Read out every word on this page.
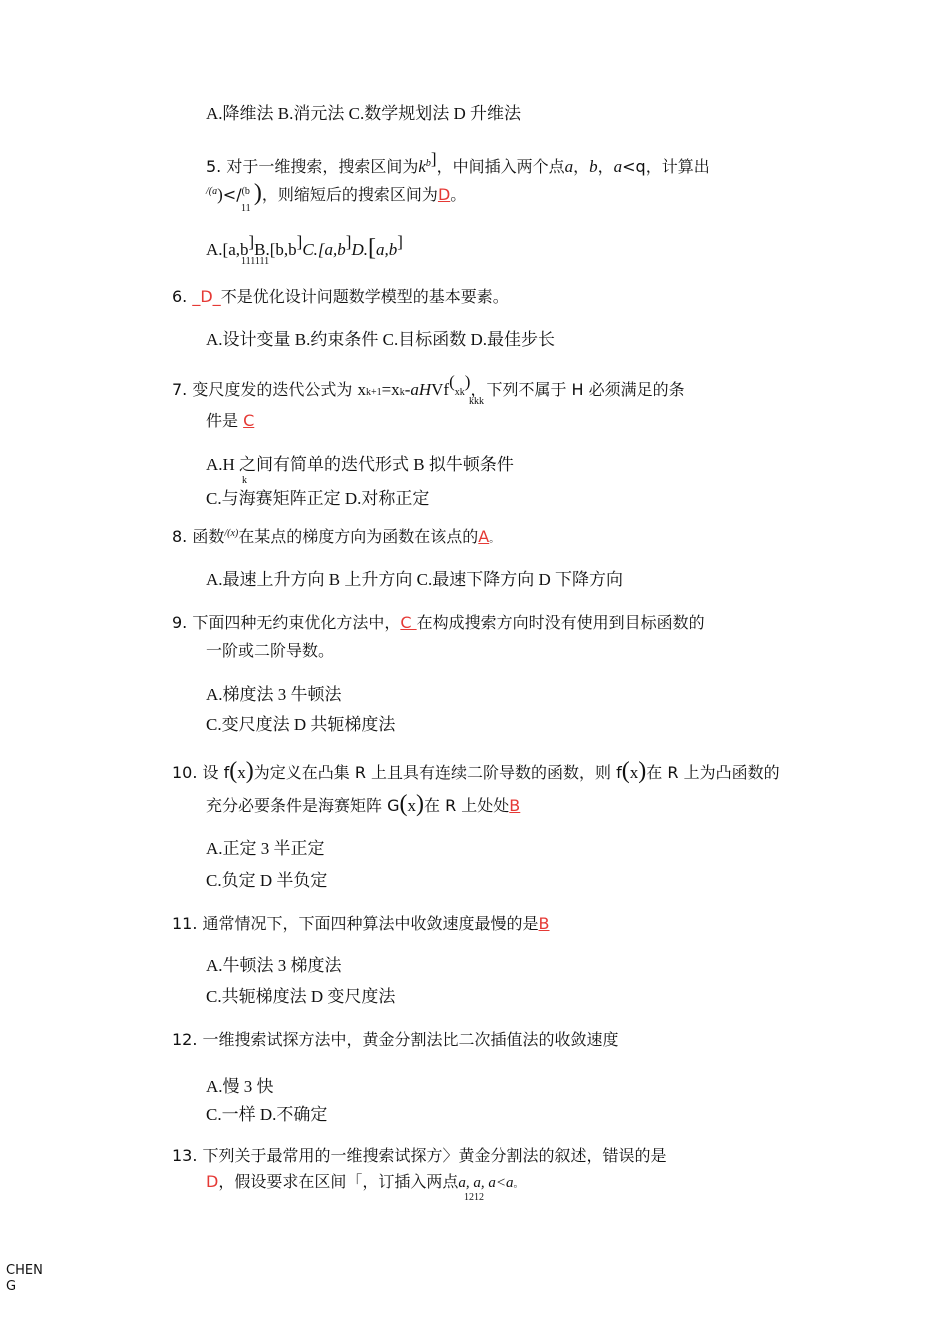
A.降维法 B.消元法 C.数学规划法 D 升维法
5. 对于一维搜索，搜索区间为$k^b$]，中间插入两个点a，b，a<q，计算出
$^{/(a}$)</$^{(b}$ )，则缩短后的搜索区间为D。
11
A.[a,b]B.[b,b]C.[a,b]D.[a,b]
111111
6. _D_不是优化设计问题数学模型的基本要素。
A.设计变量 B.约束条件 C.目标函数 D.最佳步长
7. 变尺度发的迭代公式为 xk+1=xk-aHVf(xk)，下列不属于 H 必须满足的条
kkk
件是 C
A.H 之间有简单的迭代形式 B 拟牛顿条件
k
C.与海赛矩阵正定 D.对称正定
8. 函数$^{/(x)}$在某点的梯度方向为函数在该点的A。
A.最速上升方向 B 上升方向 C.最速下降方向 D 下降方向
9. 下面四种无约束优化方法中，C 在构成搜索方向时没有使用到目标函数的
一阶或二阶导数。
A.梯度法 3 牛顿法
C.变尺度法 D 共轭梯度法
10. 设 f(x)为定义在凸集 R 上且具有连续二阶导数的函数，则 f(x)在 R 上为凸函数的
充分必要条件是海赛矩阵 G(x)在 R 上处处B
A.正定 3 半正定
C.负定 D 半负定
11. 通常情况下，下面四种算法中收敛速度最慢的是B
A.牛顿法 3 梯度法
C.共轭梯度法 D 变尺度法
12. 一维搜索试探方法中，黄金分割法比二次插值法的收敛速度
A.慢 3 快
C.一样 D.不确定
13. 下列关于最常用的一维搜索试探方〉黄金分割法的叙述，错误的是
D，假设要求在区间「，订插入两点a, a, a<a。
1212
CHENG
